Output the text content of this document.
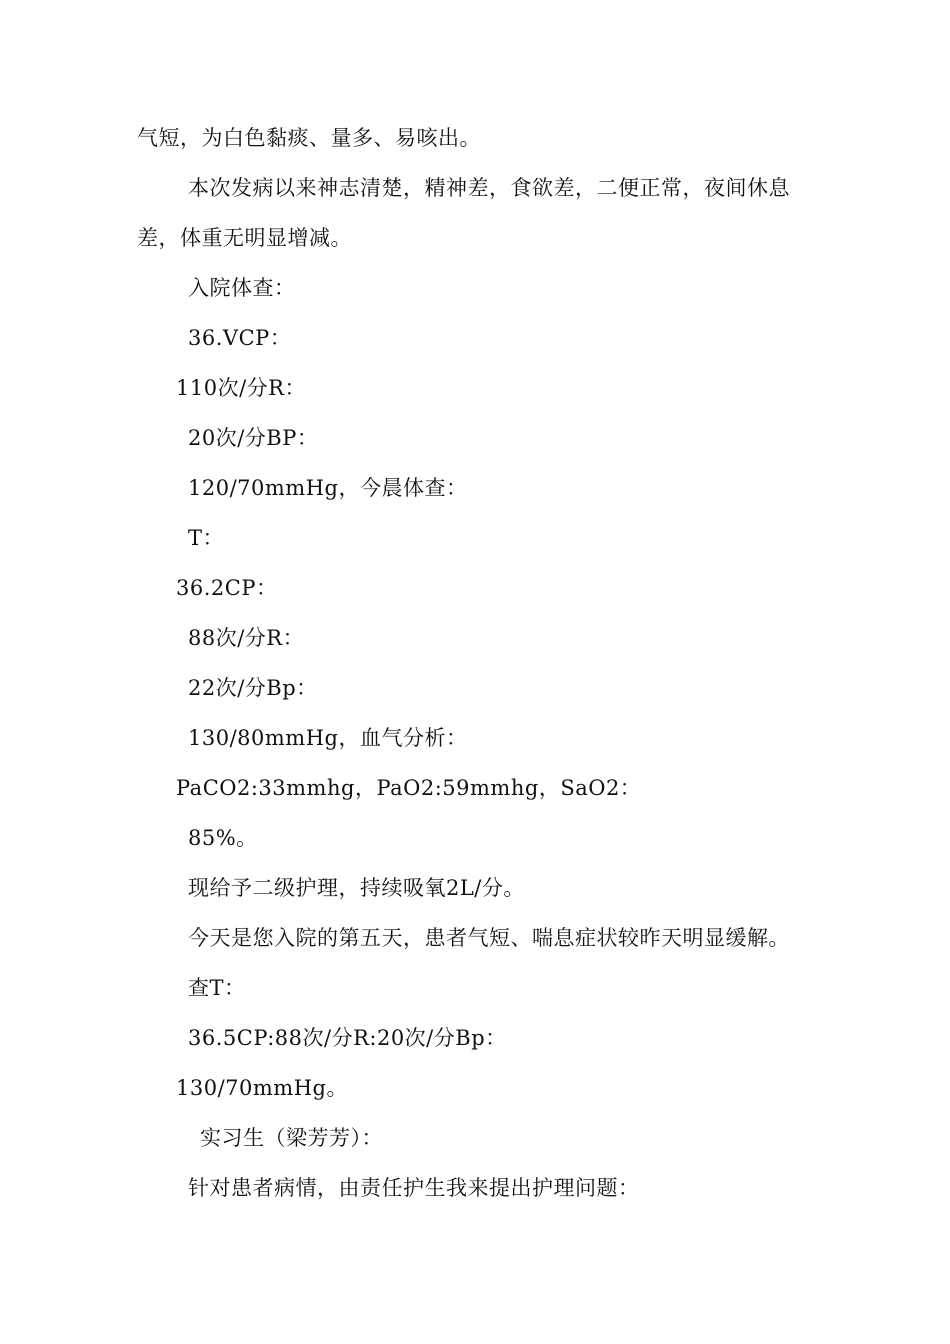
气短，为白色黏痰、量多、易咳出。
本次发病以来神志清楚，精神差，食欲差，二便正常，夜间休息
差，体重无明显增减。
入院体查：
36.VCP：
110次/分R：
20次/分BP：
120/70mmHg，今晨体查：
T：
36.2CP：
88次/分R：
22次/分Bp：
130/80mmHg，血气分析：
PaCO2:33mmhg，PaO2:59mmhg，SaO2：
85%。
现给予二级护理，持续吸氧2L/分。
今天是您入院的第五天，患者气短、喘息症状较昨天明显缓解。
查T：
36.5CP:88次/分R:20次/分Bp：
130/70mmHg。
实习生（梁芳芳）：
针对患者病情，由责任护生我来提出护理问题：
